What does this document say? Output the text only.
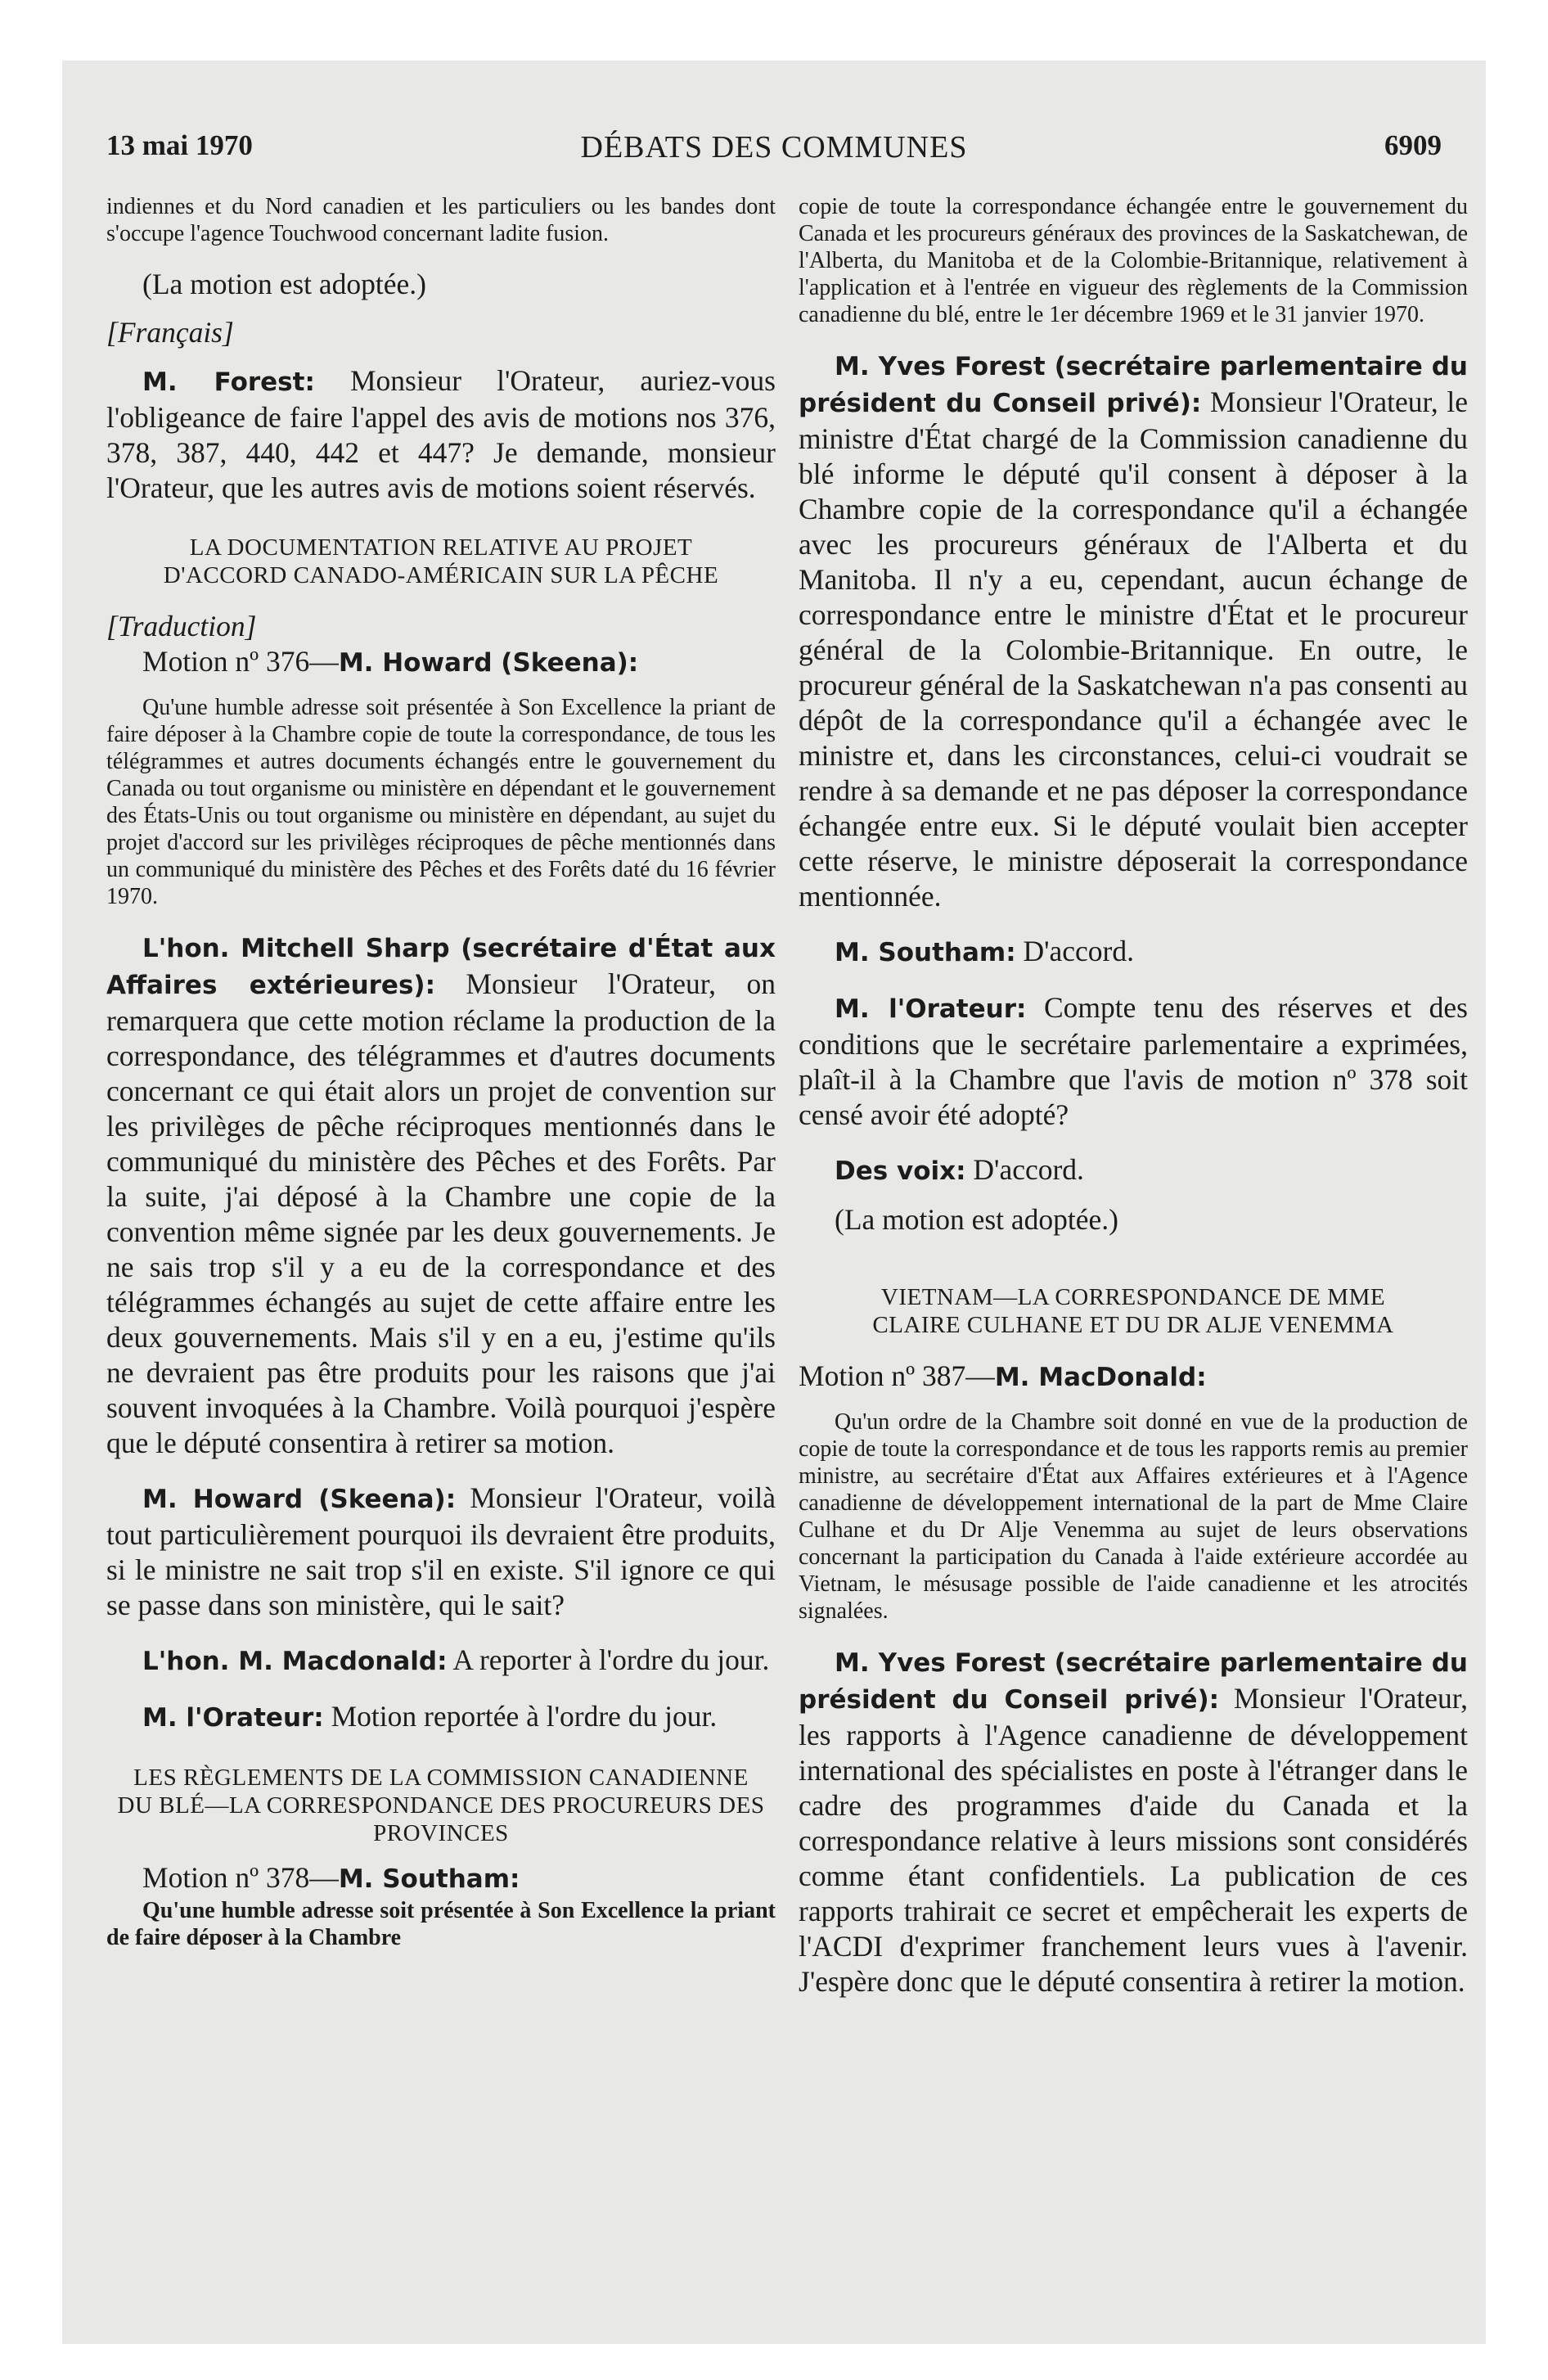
13 mai 1970	DÉBATS DES COMMUNES	6909

indiennes et du Nord canadien et les particuliers ou les bandes dont s'occupe l'agence Touchwood concernant ladite fusion.

(La motion est adoptée.)

[Français]

M. Forest: Monsieur l'Orateur, auriez-vous l'obligeance de faire l'appel des avis de motions nos 376, 378, 387, 440, 442 et 447? Je demande, monsieur l'Orateur, que les autres avis de motions soient réservés.

LA DOCUMENTATION RELATIVE AU PROJET D'ACCORD CANADO-AMÉRICAIN SUR LA PÊCHE

[Traduction]

Motion nº 376—M. Howard (Skeena):

Qu'une humble adresse soit présentée à Son Excellence la priant de faire déposer à la Chambre copie de toute la correspondance, de tous les télégrammes et autres documents échangés entre le gouvernement du Canada ou tout organisme ou ministère en dépendant et le gouvernement des États-Unis ou tout organisme ou ministère en dépendant, au sujet du projet d'accord sur les privilèges réciproques de pêche mentionnés dans un communiqué du ministère des Pêches et des Forêts daté du 16 février 1970.

L'hon. Mitchell Sharp (secrétaire d'État aux Affaires extérieures): Monsieur l'Orateur, on remarquera que cette motion réclame la production de la correspondance, des télégrammes et d'autres documents concernant ce qui était alors un projet de convention sur les privilèges de pêche réciproques mentionnés dans le communiqué du ministère des Pêches et des Forêts. Par la suite, j'ai déposé à la Chambre une copie de la convention même signée par les deux gouvernements. Je ne sais trop s'il y a eu de la correspondance et des télégrammes échangés au sujet de cette affaire entre les deux gouvernements. Mais s'il y en a eu, j'estime qu'ils ne devraient pas être produits pour les raisons que j'ai souvent invoquées à la Chambre. Voilà pourquoi j'espère que le député consentira à retirer sa motion.

M. Howard (Skeena): Monsieur l'Orateur, voilà tout particulièrement pourquoi ils devraient être produits, si le ministre ne sait trop s'il en existe. S'il ignore ce qui se passe dans son ministère, qui le sait?

L'hon. M. Macdonald: A reporter à l'ordre du jour.

M. l'Orateur: Motion reportée à l'ordre du jour.

LES RÈGLEMENTS DE LA COMMISSION CANADIENNE DU BLÉ—LA CORRESPONDANCE DES PROCUREURS DES PROVINCES

Motion nº 378—M. Southam:

Qu'une humble adresse soit présentée à Son Excellence la priant de faire déposer à la Chambre

copie de toute la correspondance échangée entre le gouvernement du Canada et les procureurs généraux des provinces de la Saskatchewan, de l'Alberta, du Manitoba et de la Colombie-Britannique, relativement à l'application et à l'entrée en vigueur des règlements de la Commission canadienne du blé, entre le 1er décembre 1969 et le 31 janvier 1970.

M. Yves Forest (secrétaire parlementaire du président du Conseil privé): Monsieur l'Orateur, le ministre d'État chargé de la Commission canadienne du blé informe le député qu'il consent à déposer à la Chambre copie de la correspondance qu'il a échangée avec les procureurs généraux de l'Alberta et du Manitoba. Il n'y a eu, cependant, aucun échange de correspondance entre le ministre d'État et le procureur général de la Colombie-Britannique. En outre, le procureur général de la Saskatchewan n'a pas consenti au dépôt de la correspondance qu'il a échangée avec le ministre et, dans les circonstances, celui-ci voudrait se rendre à sa demande et ne pas déposer la correspondance échangée entre eux. Si le député voulait bien accepter cette réserve, le ministre déposerait la correspondance mentionnée.

M. Southam: D'accord.

M. l'Orateur: Compte tenu des réserves et des conditions que le secrétaire parlementaire a exprimées, plaît-il à la Chambre que l'avis de motion nº 378 soit censé avoir été adopté?

Des voix: D'accord.

(La motion est adoptée.)

VIETNAM—LA CORRESPONDANCE DE MME CLAIRE CULHANE ET DU DR ALJE VENEMMA

Motion nº 387—M. MacDonald:

Qu'un ordre de la Chambre soit donné en vue de la production de copie de toute la correspondance et de tous les rapports remis au premier ministre, au secrétaire d'État aux Affaires extérieures et à l'Agence canadienne de développement international de la part de Mme Claire Culhane et du Dr Alje Venemma au sujet de leurs observations concernant la participation du Canada à l'aide extérieure accordée au Vietnam, le mésusage possible de l'aide canadienne et les atrocités signalées.

M. Yves Forest (secrétaire parlementaire du président du Conseil privé): Monsieur l'Orateur, les rapports à l'Agence canadienne de développement international des spécialistes en poste à l'étranger dans le cadre des programmes d'aide du Canada et la correspondance relative à leurs missions sont considérés comme étant confidentiels. La publication de ces rapports trahirait ce secret et empêcherait les experts de l'ACDI d'exprimer franchement leurs vues à l'avenir. J'espère donc que le député consentira à retirer la motion.
